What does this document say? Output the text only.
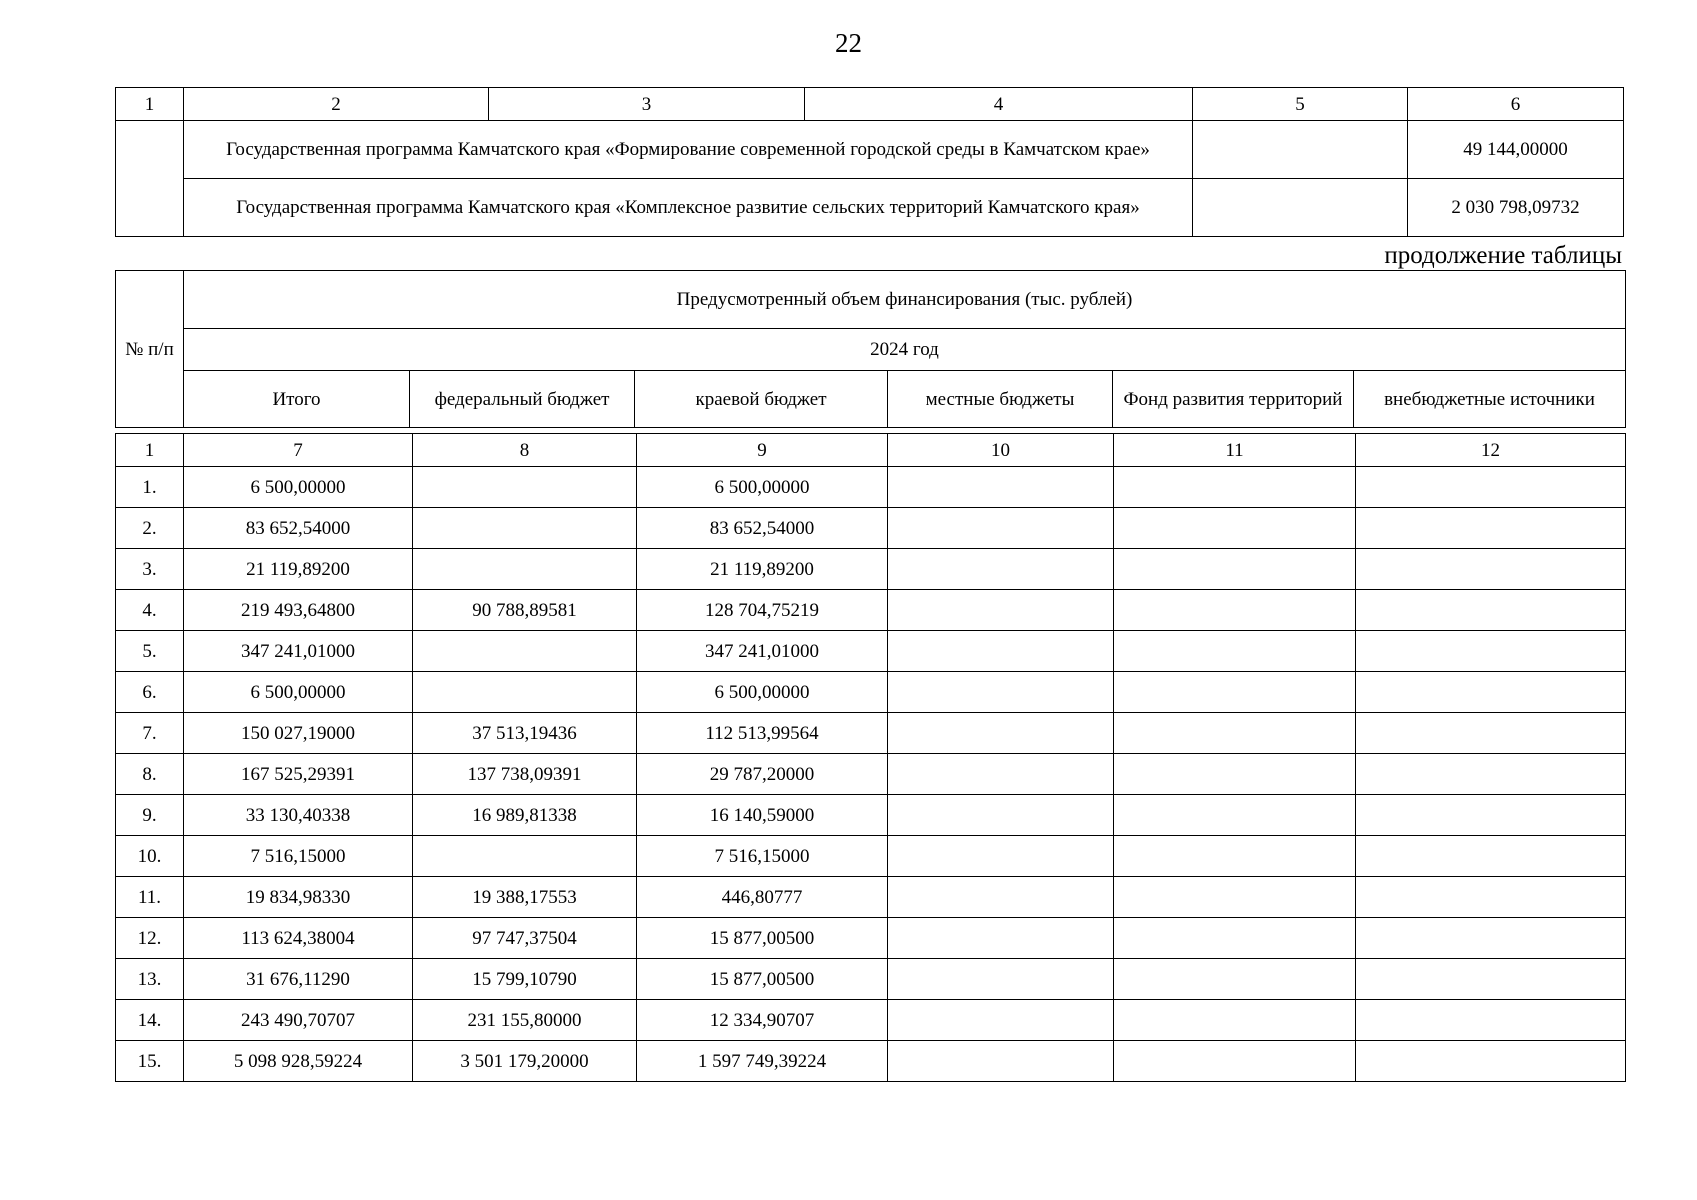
22
1	2	3	4	5	6
	Государственная программа Камчатского края «Формирование современной городской среды в Камчатском крае»				49 144,00000
	Государственная программа Камчатского края «Комплексное развитие сельских территорий Камчатского края»				2 030 798,09732
продолжение таблицы
№ п/п	Предусмотренный объем финансирования (тыс. рублей)					
	2024 год					
	Итого	федеральный бюджет	краевой бюджет	местные бюджеты	Фонд развития территорий	внебюджетные источники
1	7	8	9	10	11	12
1.	6 500,00000		6 500,00000			
2.	83 652,54000		83 652,54000			
3.	21 119,89200		21 119,89200			
4.	219 493,64800	90 788,89581	128 704,75219			
5.	347 241,01000		347 241,01000			
6.	6 500,00000		6 500,00000			
7.	150 027,19000	37 513,19436	112 513,99564			
8.	167 525,29391	137 738,09391	29 787,20000			
9.	33 130,40338	16 989,81338	16 140,59000			
10.	7 516,15000		7 516,15000			
11.	19 834,98330	19 388,17553	446,80777			
12.	113 624,38004	97 747,37504	15 877,00500			
13.	31 676,11290	15 799,10790	15 877,00500			
14.	243 490,70707	231 155,80000	12 334,90707			
15.	5 098 928,59224	3 501 179,20000	1 597 749,39224			
